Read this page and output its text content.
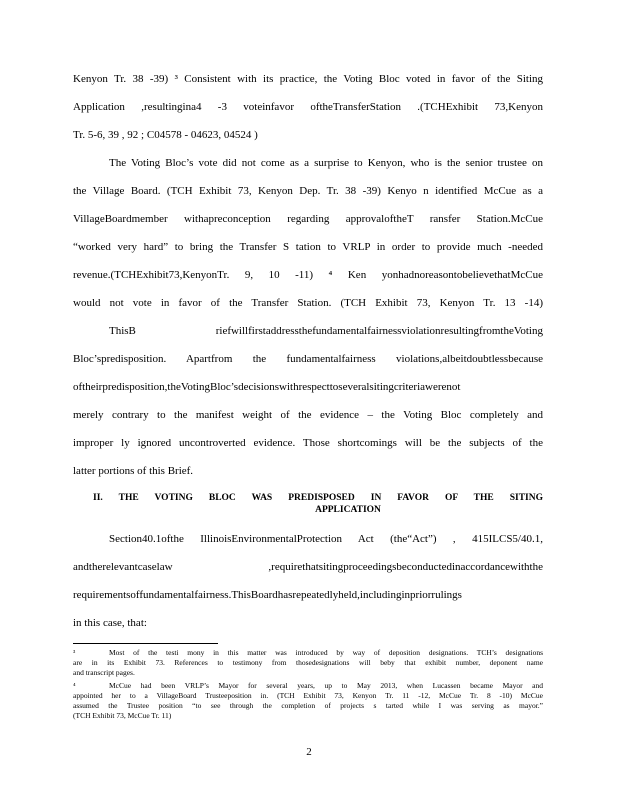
Kenyon Tr. 38 -39) ³ Consistent with its practice, the Voting Bloc voted in favor of the Siting
Application ,resultingina4 -3 voteinfavor oftheTransferStation .(TCHExhibit 73,Kenyon
Tr. 5-6, 39 , 92 ; C04578 - 04623, 04524 )
The Voting Bloc’s vote did not come as a surprise to Kenyon, who is the senior trustee on
the Village Board. (TCH Exhibit 73, Kenyon Dep. Tr. 38 -39) Kenyo n identified McCue as a
VillageBoardmember withapreconception regarding approvaloftheT ransfer Station.McCue
“worked very hard” to bring the Transfer S tation to VRLP in order to provide much -needed
revenue.(TCHExhibit73,KenyonTr. 9, 10 -11) ⁴ Ken yonhadnoreasontobelievethatMcCue
would not vote in favor of the Transfer Station. (TCH Exhibit 73, Kenyon Tr. 13 -14)
ThisB riefwillfirstaddressthefundamentalfairnessviolationresultingfromtheVoting
Bloc’spredisposition. Apartfrom the fundamentalfairness violations,albeitdoubtlessbecause
oftheirpredisposition,theVotingBloc’sdecisionswithrespecttoseveralsitingcriteriawerenot
merely contrary to the manifest weight of the evidence – the Voting Bloc completely and
improper ly ignored uncontroverted evidence. Those shortcomings will be the subjects of the
latter portions of this Brief.
II. THE VOTING BLOC WAS PREDISPOSED IN FAVOR OF THE SITING
APPLICATION
Section40.1ofthe IllinoisEnvironmentalProtection Act (the“Act”) , 415ILCS5/40.1,
andtherelevantcaselaw ,requirethatsitingproceedingsbeconductedinaccordancewiththe
requirementsoffundamentalfairness.ThisBoardhasrepeatedlyheld,includinginpriorrulings
in this case, that:
³	Most of the testi mony in this matter was introduced by way of deposition designations. TCH’s designations
are in its Exhibit 73. References to testimony from thosedesignations will beby that exhibit number, deponent name
and transcript pages.
⁴	McCue had been VRLP’s Mayor for several years, up to May 2013, when Lucassen became Mayor and
appointed her to a VillageBoard Trusteeposition in. (TCH Exhibit 73, Kenyon Tr. 11 -12, McCue Tr. 8 -10) McCue
assumed the Trustee position “to see through the completion of projects s tarted while I was serving as mayor.”
(TCH Exhibit 73, McCue Tr. 11)
2
